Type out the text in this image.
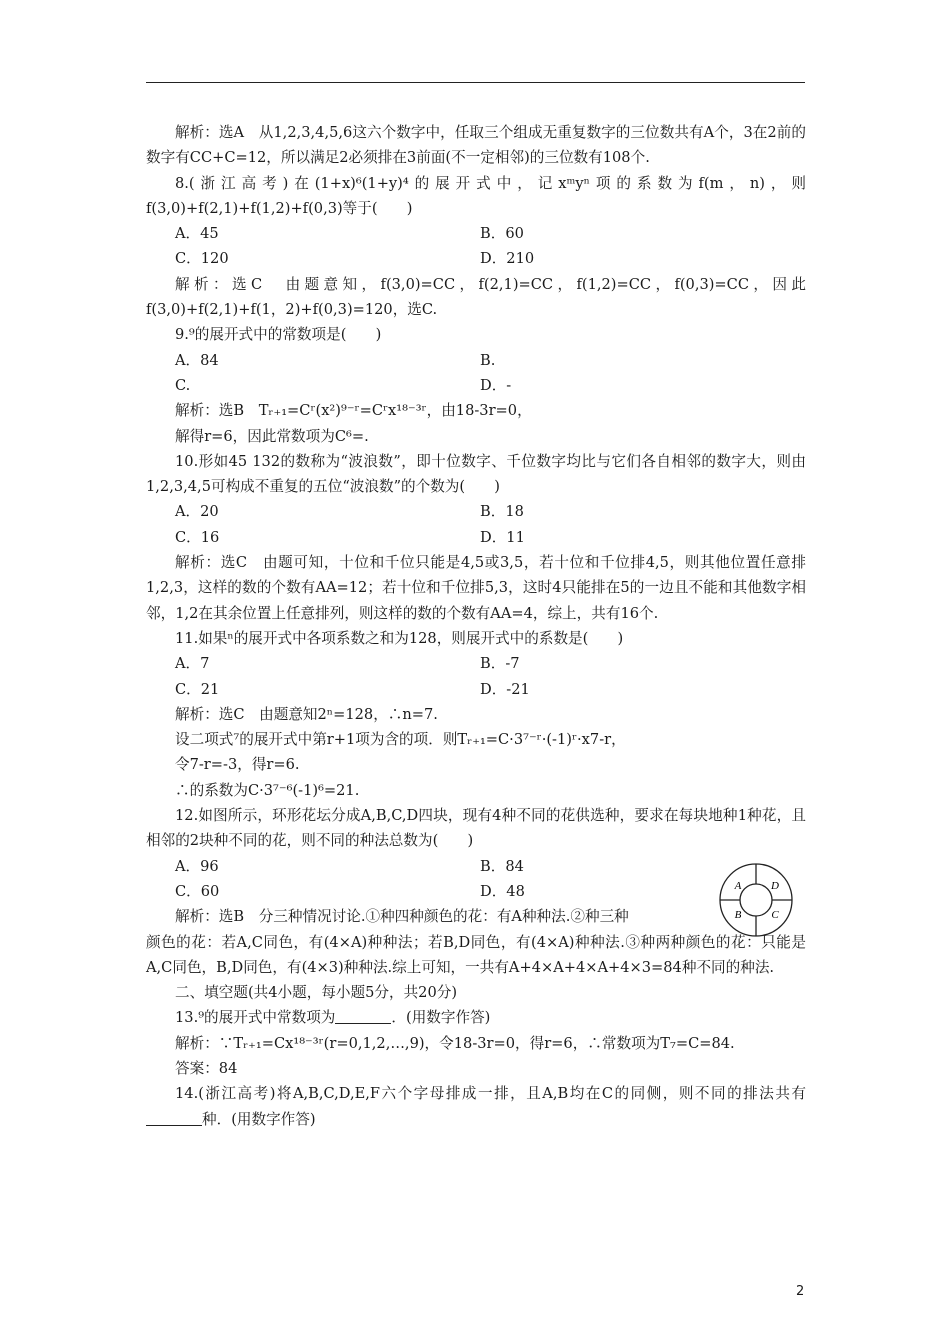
解析：选A　从1,2,3,4,5,6这六个数字中，任取三个组成无重复数字的三位数共有A个，3在2前的数字有CC+C=12，所以满足2必须排在3前面(不一定相邻)的三位数有108个.

8.(浙江高考)在(1+x)⁶(1+y)⁴的展开式中，记xᵐyⁿ项的系数为f(m，n)，则f(3,0)+f(2,1)+f(1,2)+f(0,3)等于(　　)

A．45	B．60
C．120	D．210

解析：选C　由题意知，f(3,0)=CC，f(2,1)=CC，f(1,2)=CC，f(0,3)=CC，因此f(3,0)+f(2,1)+f(1，2)+f(0,3)=120，选C.

9.⁹的展开式中的常数项是(　　)

A．84	B.
C.	D．-

解析：选B　Tᵣ₊₁=Cʳ(x²)⁹⁻ʳ=Cʳx¹⁸⁻³ʳ，由18-3r=0，

解得r=6，因此常数项为C⁶=.

10.形如45 132的数称为“波浪数”，即十位数字、千位数字均比与它们各自相邻的数字大，则由1,2,3,4,5可构成不重复的五位“波浪数”的个数为(　　)

A．20	B．18
C．16	D．11

解析：选C　由题可知，十位和千位只能是4,5或3,5，若十位和千位排4,5，则其他位置任意排1,2,3，这样的数的个数有AA=12；若十位和千位排5,3，这时4只能排在5的一边且不能和其他数字相邻，1,2在其余位置上任意排列，则这样的数的个数有AA=4，综上，共有16个.

11.如果ⁿ的展开式中各项系数之和为128，则展开式中的系数是(　　)

A．7	B．-7
C．21	D．-21

解析：选C　由题意知2ⁿ=128，∴n=7.

设二项式⁷的展开式中第r+1项为含的项．则Tᵣ₊₁=C·3⁷⁻ʳ·(-1)ʳ·x7-r，

令7-r=-3，得r=6.

∴的系数为C·3⁷⁻⁶(-1)⁶=21.

12.如图所示，环形花坛分成A,B,C,D四块，现有4种不同的花供选种，要求在每块地种1种花，且相邻的2块种不同的花，则不同的种法总数为(　　)

A．96	B．84
C．60	D．48

解析：选B　分三种情况讨论.①种四种颜色的花：有A种种法.②种三种

颜色的花：若A,C同色，有(4×A)种种法；若B,D同色，有(4×A)种种法.③种两种颜色的花：只能是A,C同色，B,D同色，有(4×3)种种法.综上可知，一共有A+4×A+4×A+4×3=84种不同的种法.

二、填空题(共4小题，每小题5分，共20分)

13.⁹的展开式中常数项为	．(用数字作答)

解析：∵Tᵣ₊₁=Cx¹⁸⁻³ʳ(r=0,1,2,…,9)，令18-3r=0，得r=6，∴常数项为T₇=C=84.

答案：84

14.(浙江高考)将A,B,C,D,E,F六个字母排成一排，且A,B均在C的同侧，则不同的排法共有种．(用数字作答)

A	D
B	C
2
